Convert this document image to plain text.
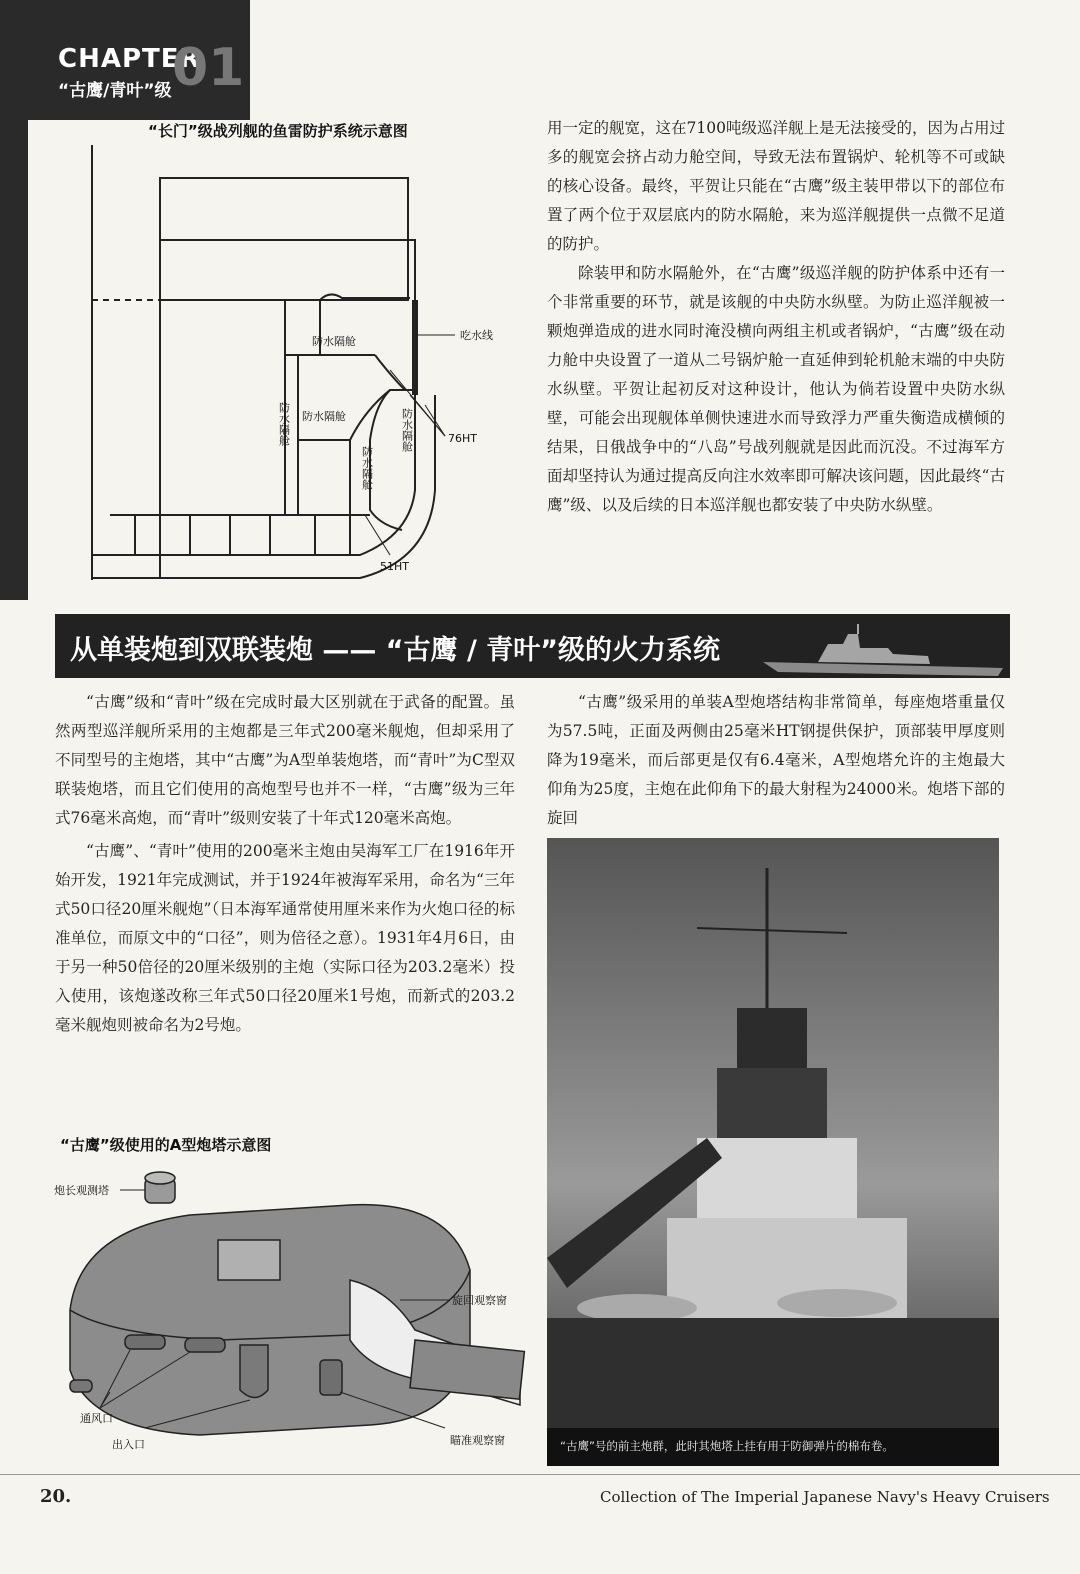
CHAPTER
01
“古鹰/青叶”级
“长门”级战列舰的鱼雷防护系统示意图
吃水线
防水隔舱
防水隔舱
防水隔舱	防水隔舱
防水隔舱
76HT
51HT

用一定的舰宽，这在7100吨级巡洋舰上是无法接受的，因为占用过多的舰宽会挤占动力舱空间，导致无法布置锅炉、轮机等不可或缺的核心设备。最终，平贺让只能在“古鹰”级主装甲带以下的部位布置了两个位于双层底内的防水隔舱，来为巡洋舰提供一点微不足道的防护。

除装甲和防水隔舱外，在“古鹰”级巡洋舰的防护体系中还有一个非常重要的环节，就是该舰的中央防水纵壁。为防止巡洋舰被一颗炮弹造成的进水同时淹没横向两组主机或者锅炉，“古鹰”级在动力舱中央设置了一道从二号锅炉舱一直延伸到轮机舱末端的中央防水纵壁。平贺让起初反对这种设计，他认为倘若设置中央防水纵壁，可能会出现舰体单侧快速进水而导致浮力严重失衡造成横倾的结果，日俄战争中的“八岛”号战列舰就是因此而沉没。不过海军方面却坚持认为通过提高反向注水效率即可解决该问题，因此最终“古鹰”级、以及后续的日本巡洋舰也都安装了中央防水纵壁。

从单装炮到双联装炮 —— “古鹰 / 青叶”级的火力系统

“古鹰”级和“青叶”级在完成时最大区别就在于武备的配置。虽然两型巡洋舰所采用的主炮都是三年式200毫米舰炮，但却采用了不同型号的主炮塔，其中“古鹰”为A型单装炮塔，而“青叶”为C型双联装炮塔，而且它们使用的高炮型号也并不一样，“古鹰”级为三年式76毫米高炮，而“青叶”级则安装了十年式120毫米高炮。

“古鹰”、“青叶”使用的200毫米主炮由吴海军工厂在1916年开始开发，1921年完成测试，并于1924年被海军采用，命名为“三年式50口径20厘米舰炮”（日本海军通常使用厘米来作为火炮口径的标准单位，而原文中的“口径”，则为倍径之意）。1931年4月6日，由于另一种50倍径的20厘米级别的主炮（实际口径为203.2毫米）投入使用，该炮遂改称三年式50口径20厘米1号炮，而新式的203.2毫米舰炮则被命名为2号炮。

“古鹰”级使用的A型炮塔示意图
炮长观测塔
旋回观察窗
通风口
出入口	瞄准观察窗

“古鹰”级采用的单装A型炮塔结构非常简单，每座炮塔重量仅为57.5吨，正面及两侧由25毫米HT钢提供保护，顶部装甲厚度则降为19毫米，而后部更是仅有6.4毫米，A型炮塔允许的主炮最大仰角为25度，主炮在此仰角下的最大射程为24000米。炮塔下部的旋回

“古鹰”号的前主炮群，此时其炮塔上挂有用于防御弹片的棉布卷。
20.	Collection of The Imperial Japanese Navy's Heavy Cruisers
